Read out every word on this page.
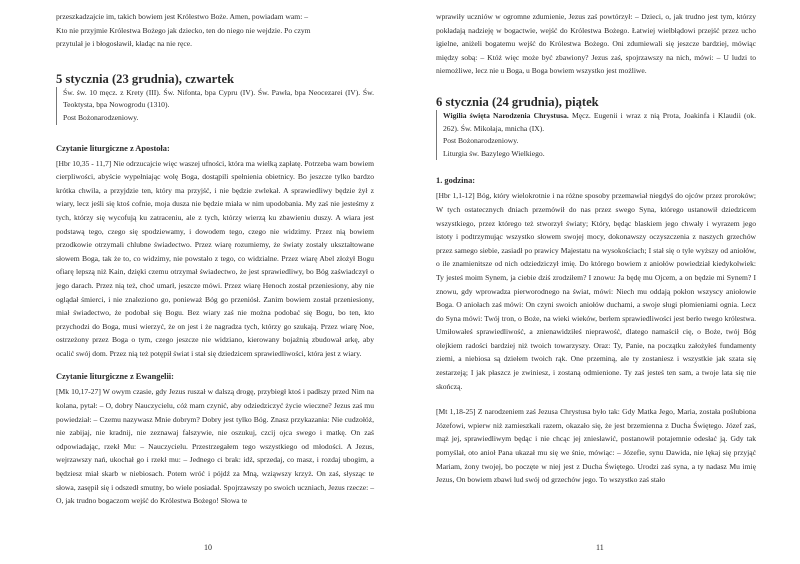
przeszkadzajcie im, takich bowiem jest Królestwo Boże. Amen, powiadam wam: –

Kto nie przyjmie Królestwa Bożego jak dziecko, ten do niego nie wejdzie. Po czym

przytulał je i błogosławił, kładąc na nie ręce.

5 stycznia (23 grudnia), czwartek

Św. św. 10 męcz. z Krety (III). Św. Nifonta, bpa Cypru (IV). Św. Pawła, bpa Neocezarei (IV). Św. Teoktysta, bpa Nowogrodu (1310).

Post Bożonarodzeniowy.

Czytanie liturgiczne z Apostoła:

[Hbr 10,35 - 11,7] Nie odrzucajcie więc waszej ufności, która ma wielką zapłatę. Potrzeba wam bowiem cierpliwości, abyście wypełniając wolę Boga, dostąpili spełnienia obietnicy. Bo jeszcze tylko bardzo krótka chwila, a przyjdzie ten, który ma przyjść, i nie będzie zwlekał. A sprawiedliwy będzie żył z wiary, lecz jeśli się ktoś cofnie, moja dusza nie będzie miała w nim upodobania. My zaś nie jesteśmy z tych, którzy się wycofują ku zatraceniu, ale z tych, którzy wierzą ku zbawieniu duszy. A wiara jest podstawą tego, czego się spodziewamy, i dowodem tego, czego nie widzimy. Przez nią bowiem przodkowie otrzymali chlubne świadectwo. Przez wiarę rozumiemy, że światy zostały ukształtowane słowem Boga, tak że to, co widzimy, nie powstało z tego, co widzialne. Przez wiarę Abel złożył Bogu ofiarę lepszą niż Kain, dzięki czemu otrzymał świadectwo, że jest sprawiedliwy, bo Bóg zaświadczył o jego darach. Przez nią też, choć umarł, jeszcze mówi. Przez wiarę Henoch został przeniesiony, aby nie oglądał śmierci, i nie znaleziono go, ponieważ Bóg go przeniósł. Zanim bowiem został przeniesiony, miał świadectwo, że podobał się Bogu. Bez wiary zaś nie można podobać się Bogu, bo ten, kto przychodzi do Boga, musi wierzyć, że on jest i że nagradza tych, którzy go szukają. Przez wiarę Noe, ostrzeżony przez Boga o tym, czego jeszcze nie widziano, kierowany bojaźnią zbudował arkę, aby ocalić swój dom. Przez nią też potępił świat i stał się dziedzicem sprawiedliwości, która jest z wiary.

Czytanie liturgiczne z Ewangelii:

[Mk 10,17-27] W owym czasie, gdy Jezus ruszał w dalszą drogę, przybiegł ktoś i padłszy przed Nim na kolana, pytał: – O, dobry Nauczycielu, cóż mam czynić, aby odziedziczyć życie wieczne? Jezus zaś mu powiedział: – Czemu nazywasz Mnie dobrym? Dobry jest tylko Bóg. Znasz przykazania: Nie cudzołóż, nie zabijaj, nie kradnij, nie zeznawaj fałszywie, nie oszukuj, czcij ojca swego i matkę. On zaś odpowiadając, rzekł Mu: – Nauczycielu. Przestrzegałem tego wszystkiego od młodości. A Jezus, wejrzawszy nań, ukochał go i rzekł mu: – Jednego ci brak: idź, sprzedaj, co masz, i rozdaj ubogim, a będziesz miał skarb w niebiosach. Potem wróć i pójdź za Mną, wziąwszy krzyż. On zaś, słysząc te słowa, zasępił się i odszedł smutny, bo wiele posiadał. Spojrzawszy po swoich uczniach, Jezus rzecze: – O, jak trudno bogaczom wejść do Królestwa Bożego! Słowa te

10

wprawiły uczniów w ogromne zdumienie, Jezus zaś powtórzył: – Dzieci, o, jak trudno jest tym, którzy pokładają nadzieję w bogactwie, wejść do Królestwa Bożego. Łatwiej wielbłądowi przejść przez ucho igielne, aniżeli bogatemu wejść do Królestwa Bożego. Oni zdumiewali się jeszcze bardziej, mówiąc między sobą: – Któż więc może być zbawiony? Jezus zaś, spojrzawszy na nich, mówi: – U ludzi to niemożliwe, lecz nie u Boga, u Boga bowiem wszystko jest możliwe.

6 stycznia (24 grudnia), piątek

Wigilia święta Narodzenia Chrystusa. Męcz. Eugenii i wraz z nią Prota, Joakinfa i Klaudii (ok. 262). Św. Mikołaja, mnicha (IX).

Post Bożonarodzeniowy.

Liturgia św. Bazylego Wielkiego.

1. godzina:

[Hbr 1,1-12] Bóg, który wielokrotnie i na różne sposoby przemawiał niegdyś do ojców przez proroków; W tych ostatecznych dniach przemówił do nas przez swego Syna, którego ustanowił dziedzicem wszystkiego, przez którego też stworzył światy; Który, będąc blaskiem jego chwały i wyrazem jego istoty i podtrzymując wszystko słowem swojej mocy, dokonawszy oczyszczenia z naszych grzechów przez samego siebie, zasiadł po prawicy Majestatu na wysokościach; I stał się o tyle wyższy od aniołów, o ile znamienitsze od nich odziedziczył imię. Do którego bowiem z aniołów powiedział kiedykolwiek: Ty jesteś moim Synem, ja ciebie dziś zrodziłem? I znowu: Ja będę mu Ojcem, a on będzie mi Synem? I znowu, gdy wprowadza pierworodnego na świat, mówi: Niech mu oddają pokłon wszyscy aniołowie Boga. O aniołach zaś mówi: On czyni swoich aniołów duchami, a swoje sługi płomieniami ognia. Lecz do Syna mówi: Twój tron, o Boże, na wieki wieków, berłem sprawiedliwości jest berło twego królestwa. Umiłowałeś sprawiedliwość, a znienawidziłeś nieprawość, dlatego namaścił cię, o Boże, twój Bóg olejkiem radości bardziej niż twoich towarzyszy. Oraz: Ty, Panie, na początku założyłeś fundamenty ziemi, a niebiosa są dziełem twoich rąk. One przeminą, ale ty zostaniesz i wszystkie jak szata się zestarzeją; I jak płaszcz je zwiniesz, i zostaną odmienione. Ty zaś jesteś ten sam, a twoje lata się nie skończą.

[Mt 1,18-25] Z narodzeniem zaś Jezusa Chrystusa było tak: Gdy Matka Jego, Maria, została poślubiona Józefowi, wpierw niż zamieszkali razem, okazało się, że jest brzemienna z Ducha Świętego. Józef zaś, mąż jej, sprawiedliwym będąc i nie chcąc jej zniesławić, postanowił potajemnie odesłać ją. Gdy tak pomyślał, oto anioł Pana ukazał mu się we śnie, mówiąc: – Józefie, synu Dawida, nie lękaj się przyjąć Mariam, żony twojej, bo poczęte w niej jest z Ducha Świętego. Urodzi zaś syna, a ty nadasz Mu imię Jezus, On bowiem zbawi lud swój od grzechów jego. To wszystko zaś stało

11
